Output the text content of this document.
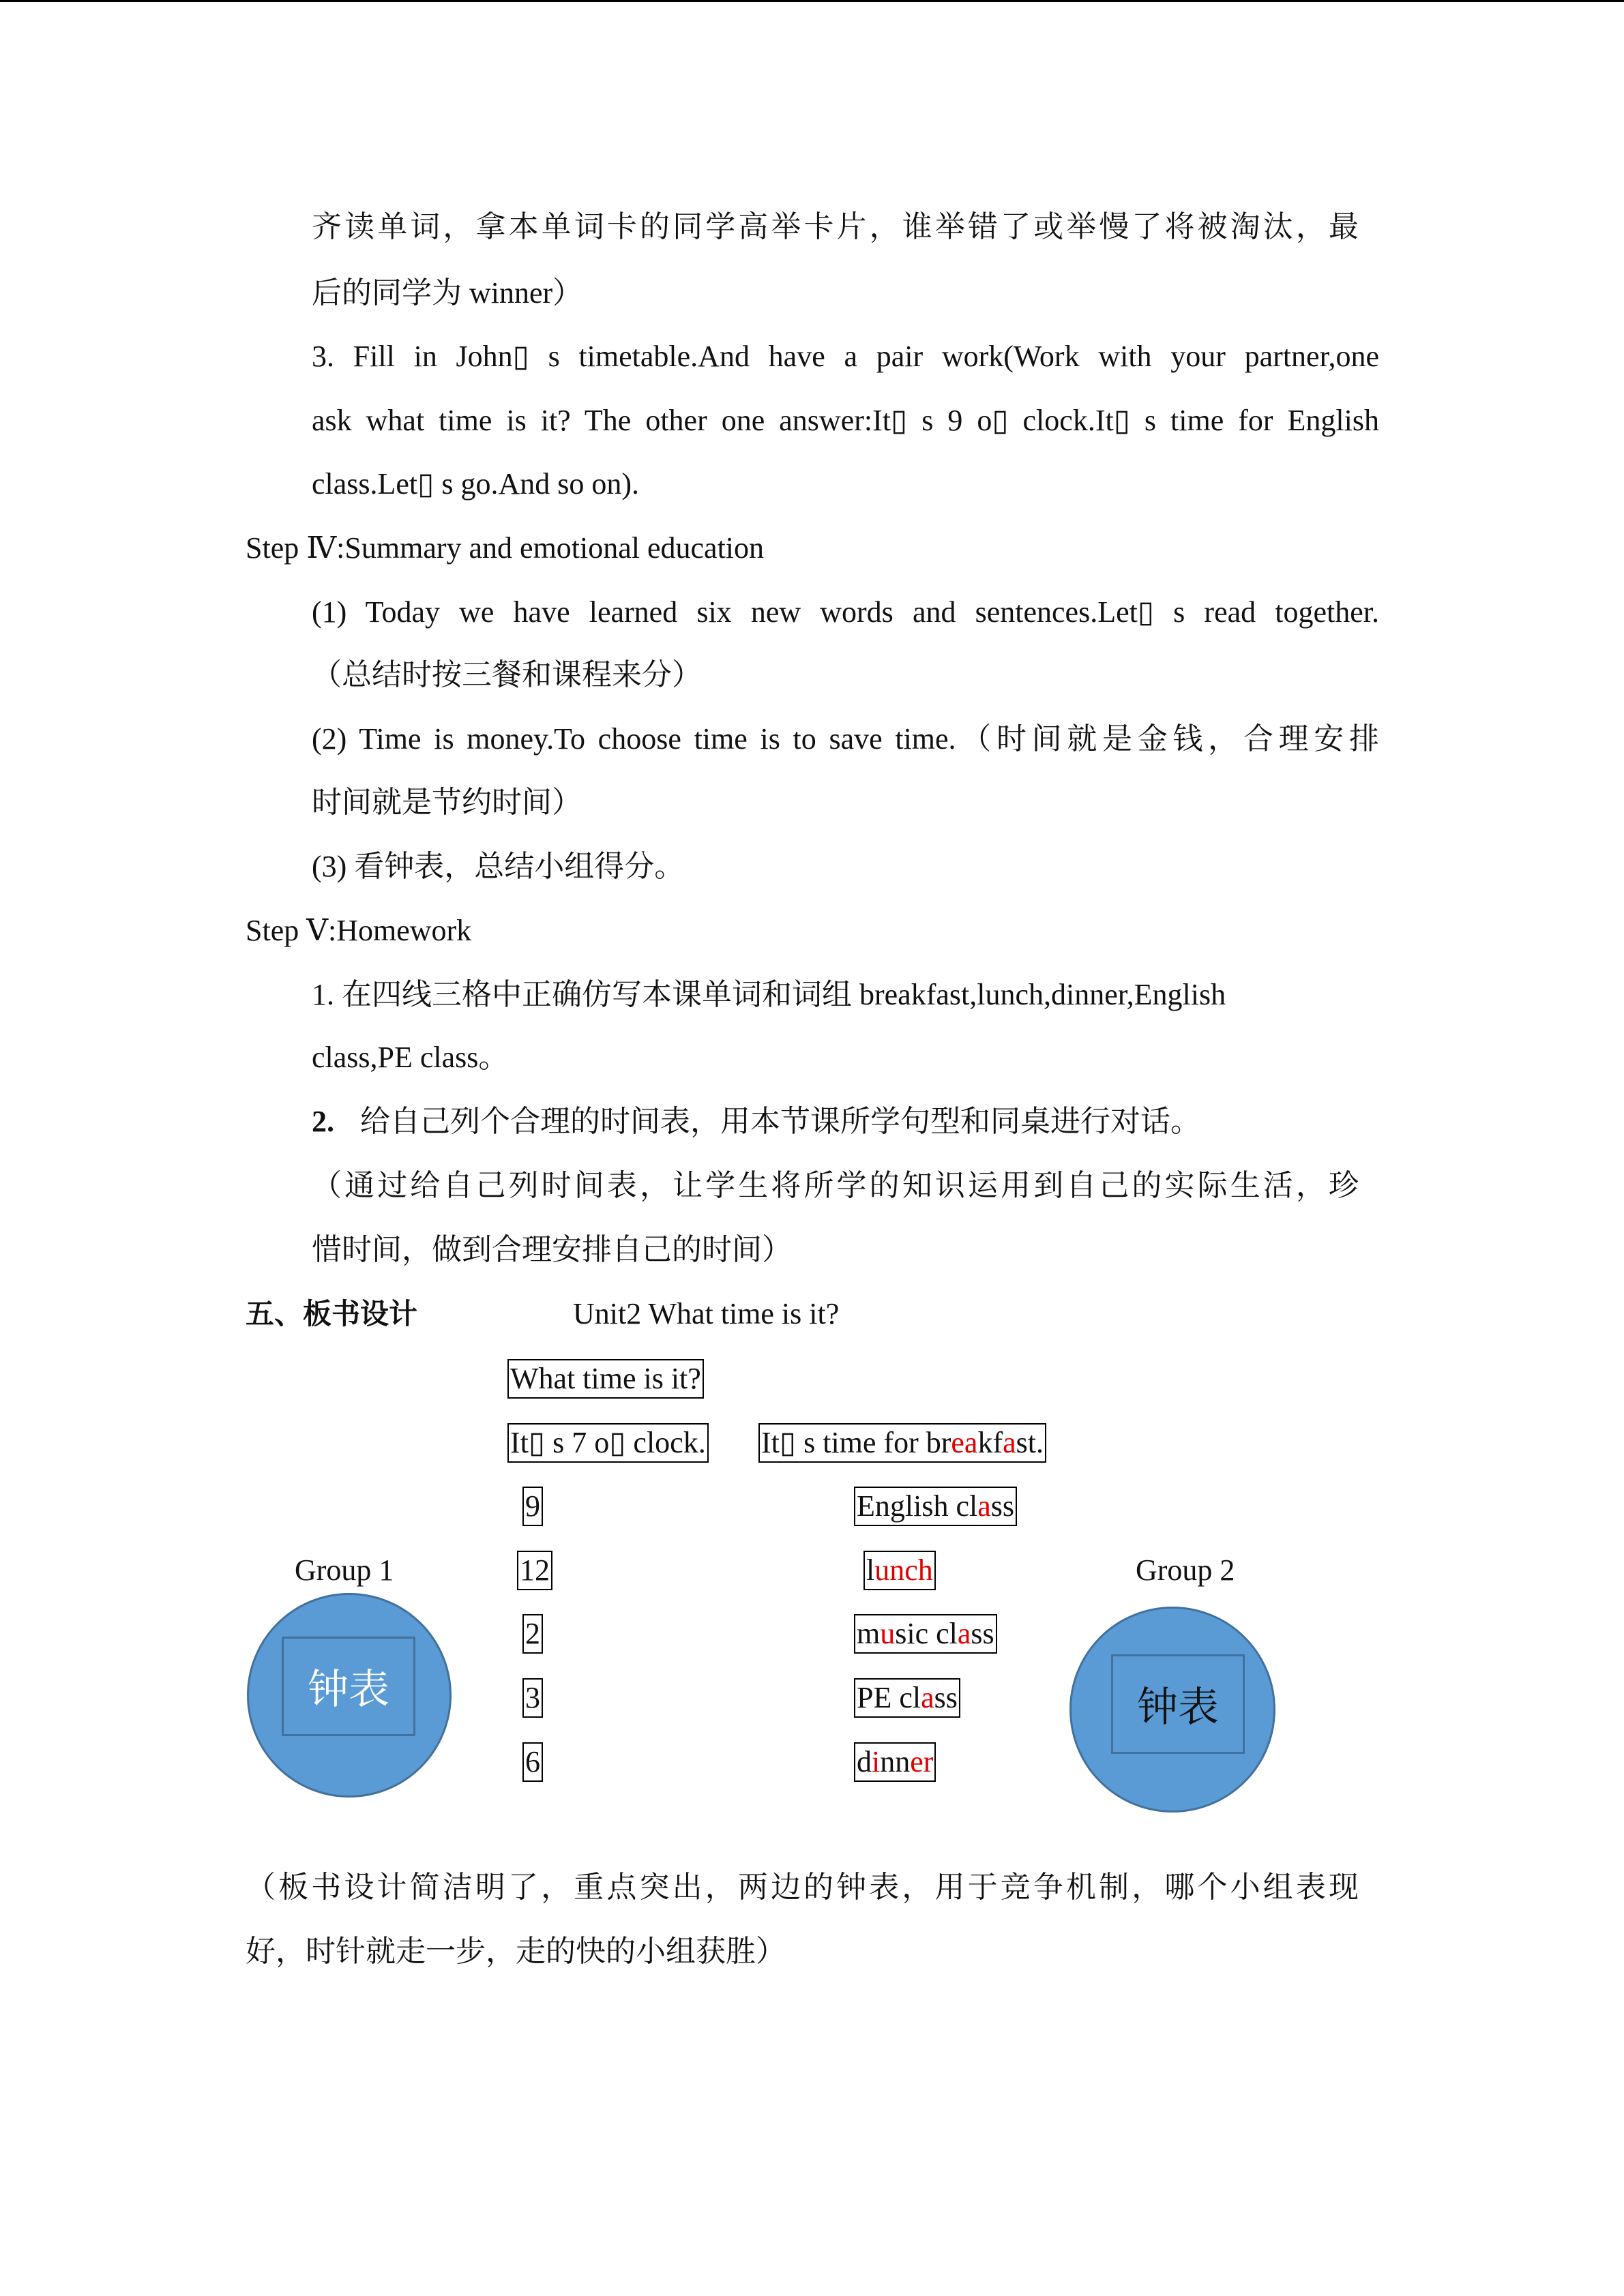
齐读单词，拿本单词卡的同学高举卡片，谁举错了或举慢了将被淘汰，最
后的同学为 winner）
3. Fill in John▯ s timetable.And have a pair work(Work with your partner,one
ask what time is it? The other one answer:It▯ s 9 o▯ clock.It▯ s time for English
class.Let▯ s go.And so on).
Step Ⅳ:Summary and emotional education
(1) Today we have learned six new words and sentences.Let▯ s read together.
（总结时按三餐和课程来分）
(2) Time is money.To choose time is to save time.（时间就是金钱，合理安排
时间就是节约时间）
(3) 看钟表，总结小组得分。
Step Ⅴ:Homework
1. 在四线三格中正确仿写本课单词和词组 breakfast,lunch,dinner,English
class,PE class。
2. 给自己列个合理的时间表，用本节课所学句型和同桌进行对话。
（通过给自己列时间表，让学生将所学的知识运用到自己的实际生活，珍
惜时间，做到合理安排自己的时间）
五、板书设计	Unit2 What time is it?
What time is it?
It▯ s 7 o▯ clock. It▯ s time for breakfast.
9
12
2
3
6
English class
lunch
music class
PE class
dinner
Group 1	Group 2
钟表	钟表
（板书设计简洁明了，重点突出，两边的钟表，用于竞争机制，哪个小组表现
好，时针就走一步，走的快的小组获胜）
